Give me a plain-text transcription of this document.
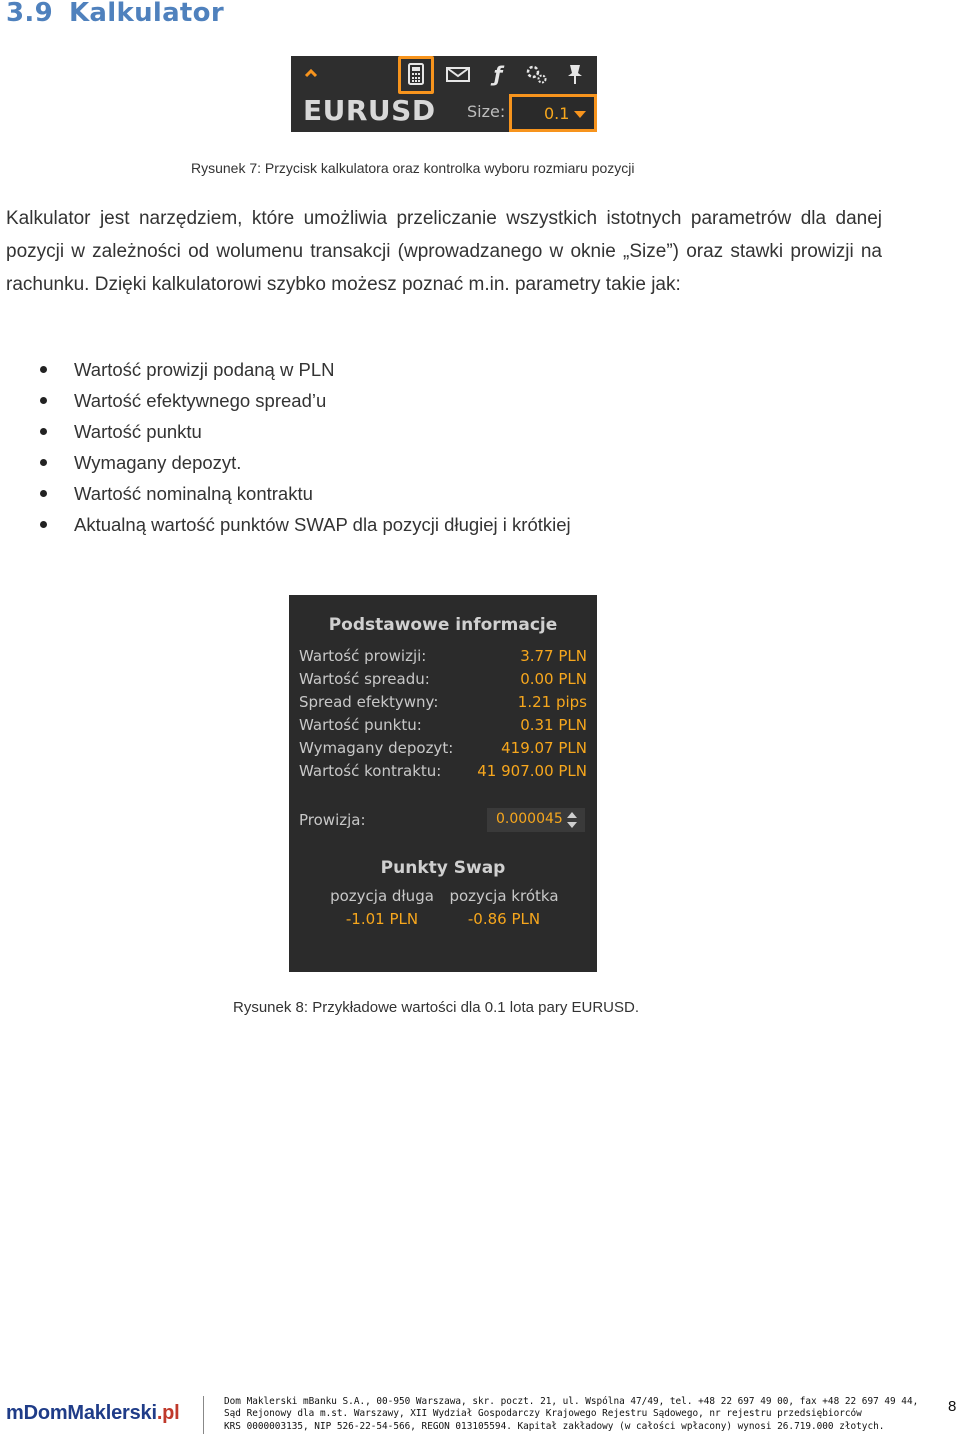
3.9 Kalkulator
ƒ
EURUSD Size: 0.1
Rysunek 7: Przycisk kalkulatora oraz kontrolka wyboru rozmiaru pozycji
Kalkulator jest narzędziem, które umożliwia przeliczanie wszystkich istotnych parametrów dla danej pozycji w zależności od wolumenu transakcji (wprowadzanego w oknie „Size”) oraz stawki prowizji na rachunku. Dzięki kalkulatorowi szybko możesz poznać m.in. parametry takie jak:
Wartość prowizji podaną w PLN
Wartość efektywnego spread’u
Wartość punktu
Wymagany depozyt.
Wartość nominalną kontraktu
Aktualną wartość punktów SWAP dla pozycji długiej i krótkiej
Podstawowe informacje
Wartość prowizji:	3.77 PLN
Wartość spreadu:	0.00 PLN
Spread efektywny:	1.21 pips
Wartość punktu:	0.31 PLN
Wymagany depozyt:	419.07 PLN
Wartość kontraktu: 41 907.00 PLN
Prowizja:	0.000045
Punkty Swap
pozycja długa
-1.01 PLN
pozycja krótka
-0.86 PLN
Rysunek 8: Przykładowe wartości dla 0.1 lota pary EURUSD.
mDomMaklerski.pl
Dom Maklerski mBanku S.A., 00-950 Warszawa, skr. poczt. 21, ul. Wspólna 47/49, tel. +48 22 697 49 00, fax +48 22 697 49 44,
Sąd Rejonowy dla m.st. Warszawy, XII Wydział Gospodarczy Krajowego Rejestru Sądowego, nr rejestru przedsiębiorców
KRS 0000003135, NIP 526-22-54-566, REGON 013105594. Kapitał zakładowy (w całości wpłacony) wynosi 26.719.000 złotych.
8
